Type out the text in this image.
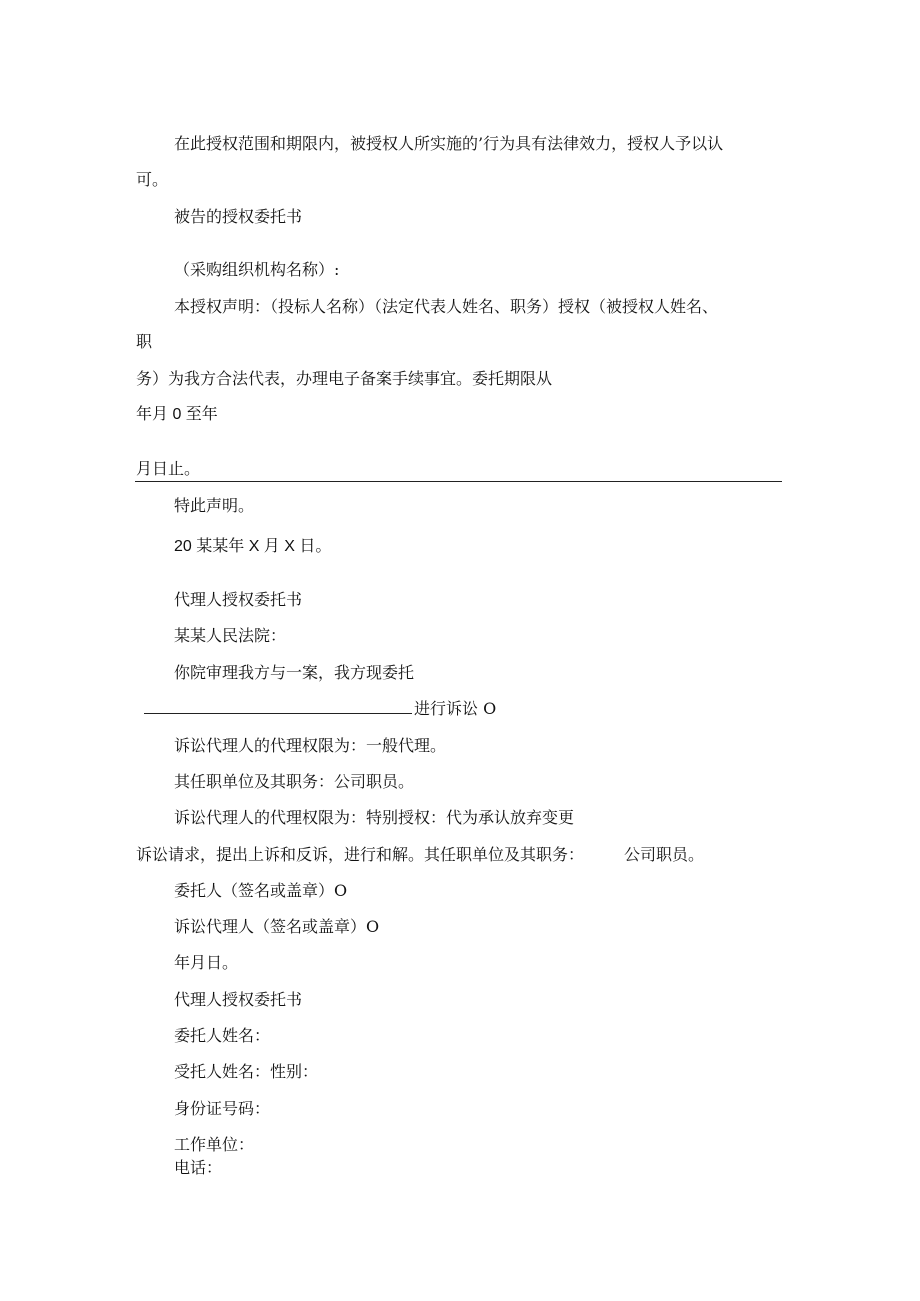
在此授权范围和期限内，被授权人所实施的’行为具有法律效力，授权人予以认
可。
被告的授权委托书
（采购组织机构名称）:
本授权声明：（投标人名称）（法定代表人姓名、职务）授权（被授权人姓名、
职
务）为我方合法代表，办理电子备案手续事宜。委托期限从
年月 0 至年
月日止。
特此声明。
20 某某年 X 月 X 日。
代理人授权委托书
某某人民法院：
你院审理我方与一案，我方现委托
进行诉讼 O
诉讼代理人的代理权限为：一般代理。
其任职单位及其职务：公司职员。
诉讼代理人的代理权限为：特别授权：代为承认放弃变更
诉讼请求，提出上诉和反诉，进行和解。其任职单位及其职务：	公司职员。
委托人（签名或盖章）O
诉讼代理人（签名或盖章）O
年月日。
代理人授权委托书
委托人姓名：
受托人姓名：性别：
身份证号码：
工作单位：
电话：
